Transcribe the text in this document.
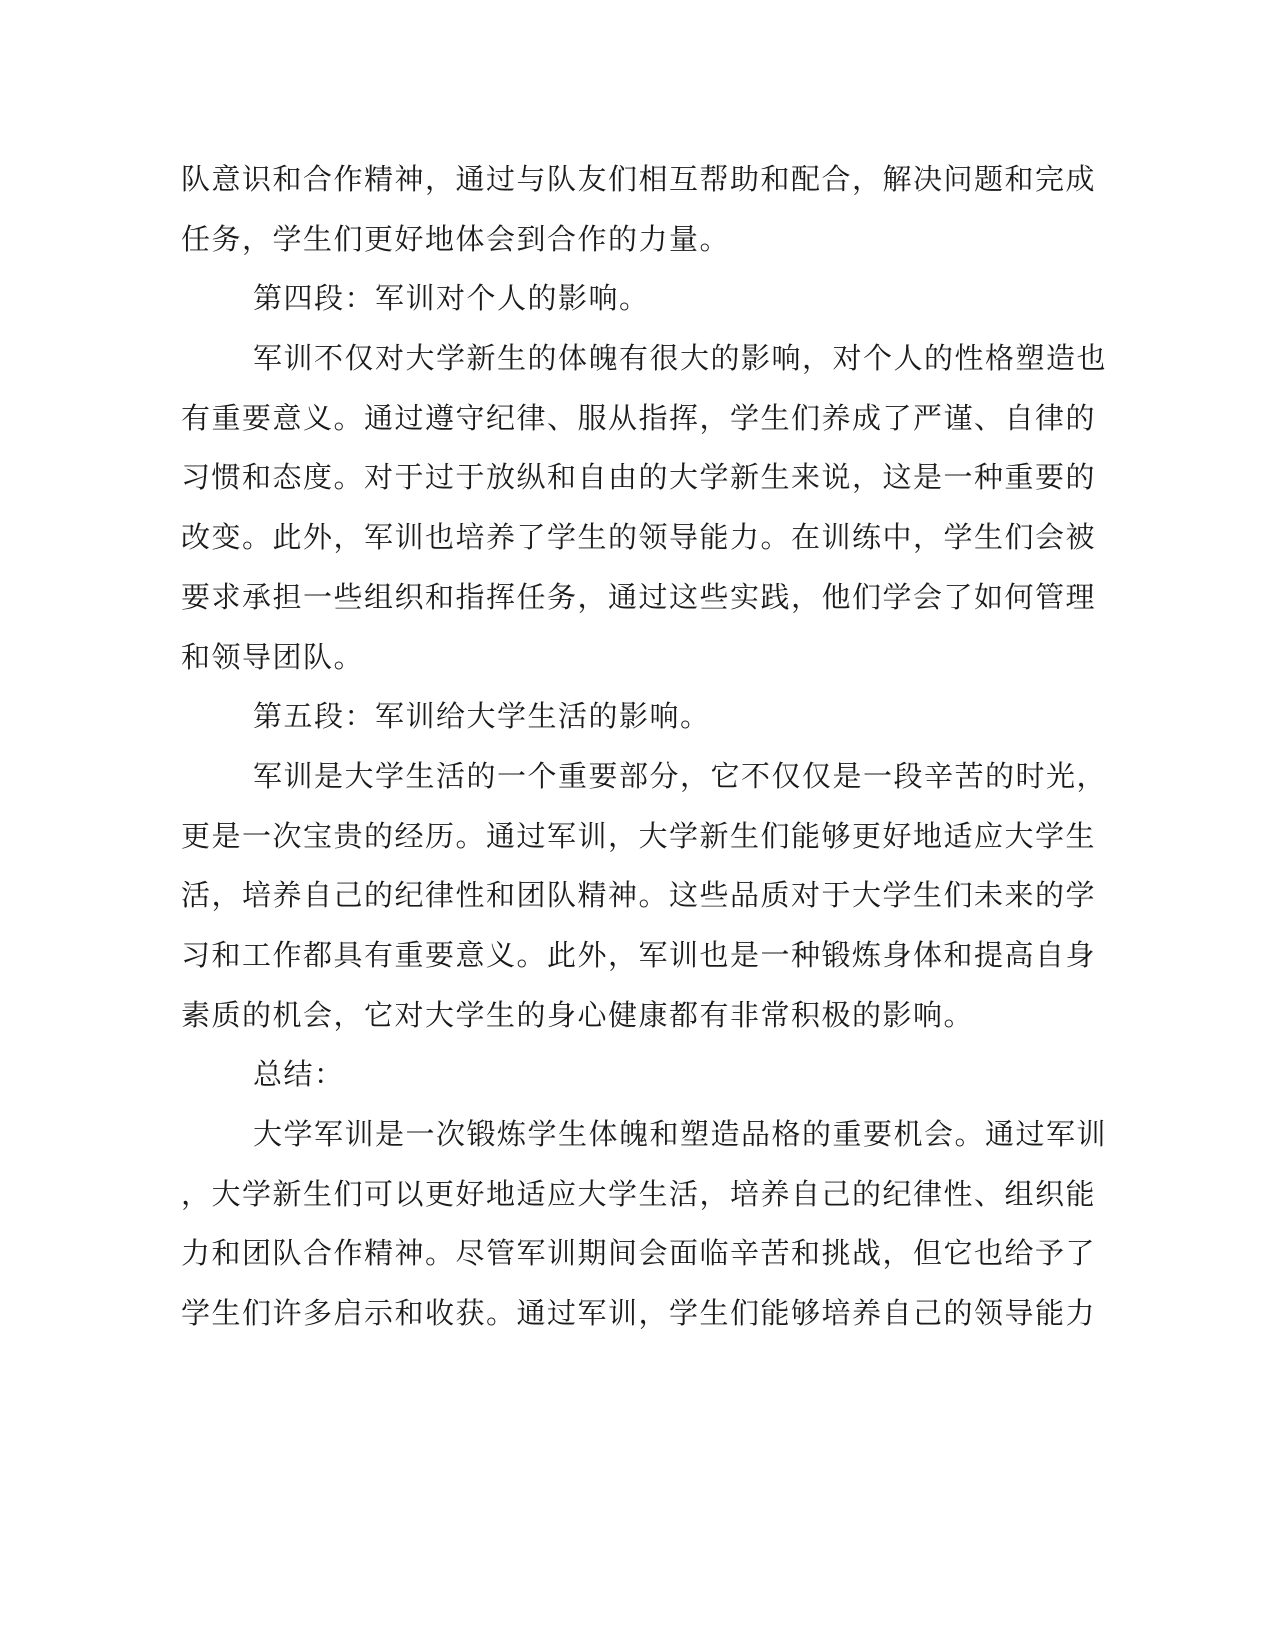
队意识和合作精神，通过与队友们相互帮助和配合，解决问题和完成
任务，学生们更好地体会到合作的力量。
第四段：军训对个人的影响。
军训不仅对大学新生的体魄有很大的影响，对个人的性格塑造也
有重要意义。通过遵守纪律、服从指挥，学生们养成了严谨、自律的
习惯和态度。对于过于放纵和自由的大学新生来说，这是一种重要的
改变。此外，军训也培养了学生的领导能力。在训练中，学生们会被
要求承担一些组织和指挥任务，通过这些实践，他们学会了如何管理
和领导团队。
第五段：军训给大学生活的影响。
军训是大学生活的一个重要部分，它不仅仅是一段辛苦的时光，
更是一次宝贵的经历。通过军训，大学新生们能够更好地适应大学生
活，培养自己的纪律性和团队精神。这些品质对于大学生们未来的学
习和工作都具有重要意义。此外，军训也是一种锻炼身体和提高自身
素质的机会，它对大学生的身心健康都有非常积极的影响。
总结：
大学军训是一次锻炼学生体魄和塑造品格的重要机会。通过军训
，大学新生们可以更好地适应大学生活，培养自己的纪律性、组织能
力和团队合作精神。尽管军训期间会面临辛苦和挑战，但它也给予了
学生们许多启示和收获。通过军训，学生们能够培养自己的领导能力
